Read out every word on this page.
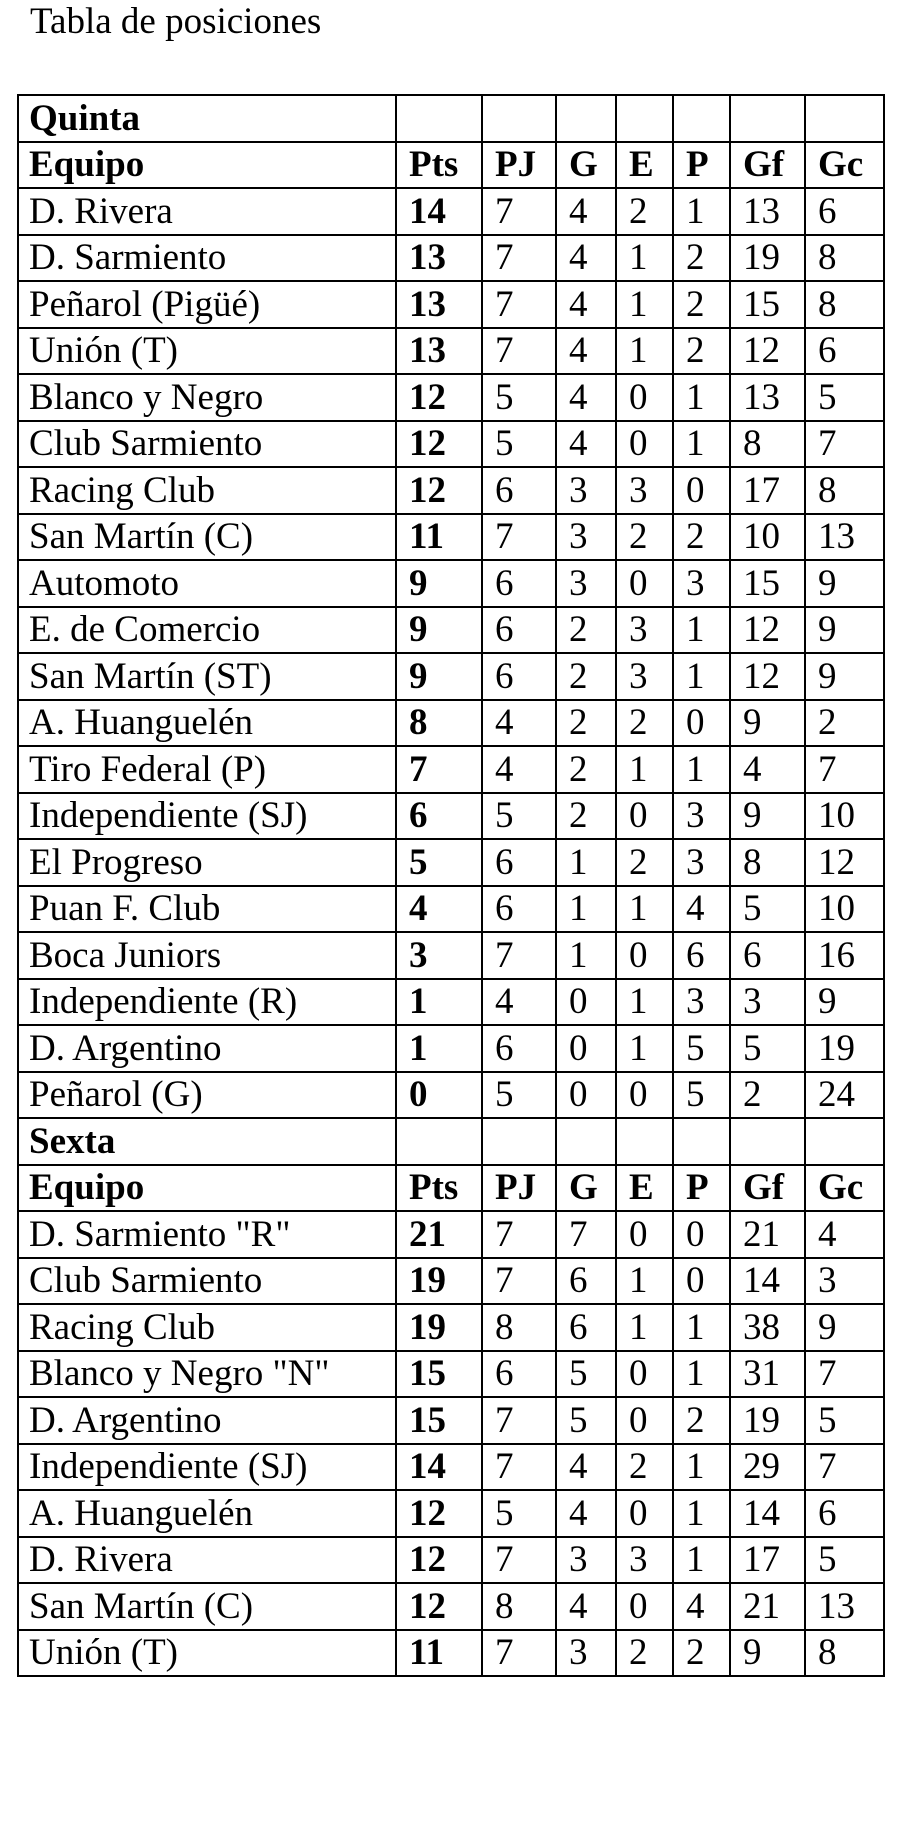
Tabla de posiciones
Quinta							
Equipo	Pts	PJ	G	E	P	Gf	Gc
D. Rivera	14	7	4	2	1	13	6
D. Sarmiento	13	7	4	1	2	19	8
Peñarol (Pigüé)	13	7	4	1	2	15	8
Unión (T)	13	7	4	1	2	12	6
Blanco y Negro	12	5	4	0	1	13	5
Club Sarmiento	12	5	4	0	1	8	7
Racing Club	12	6	3	3	0	17	8
San Martín (C)	11	7	3	2	2	10	13
Automoto	9	6	3	0	3	15	9
E. de Comercio	9	6	2	3	1	12	9
San Martín (ST)	9	6	2	3	1	12	9
A. Huanguelén	8	4	2	2	0	9	2
Tiro Federal (P)	7	4	2	1	1	4	7
Independiente (SJ)	6	5	2	0	3	9	10
El Progreso	5	6	1	2	3	8	12
Puan F. Club	4	6	1	1	4	5	10
Boca Juniors	3	7	1	0	6	6	16
Independiente (R)	1	4	0	1	3	3	9
D. Argentino	1	6	0	1	5	5	19
Peñarol (G)	0	5	0	0	5	2	24
Sexta							
Equipo	Pts	PJ	G	E	P	Gf	Gc
D. Sarmiento "R"	21	7	7	0	0	21	4
Club Sarmiento	19	7	6	1	0	14	3
Racing Club	19	8	6	1	1	38	9
Blanco y Negro "N"	15	6	5	0	1	31	7
D. Argentino	15	7	5	0	2	19	5
Independiente (SJ)	14	7	4	2	1	29	7
A. Huanguelén	12	5	4	0	1	14	6
D. Rivera	12	7	3	3	1	17	5
San Martín (C)	12	8	4	0	4	21	13
Unión (T)	11	7	3	2	2	9	8
